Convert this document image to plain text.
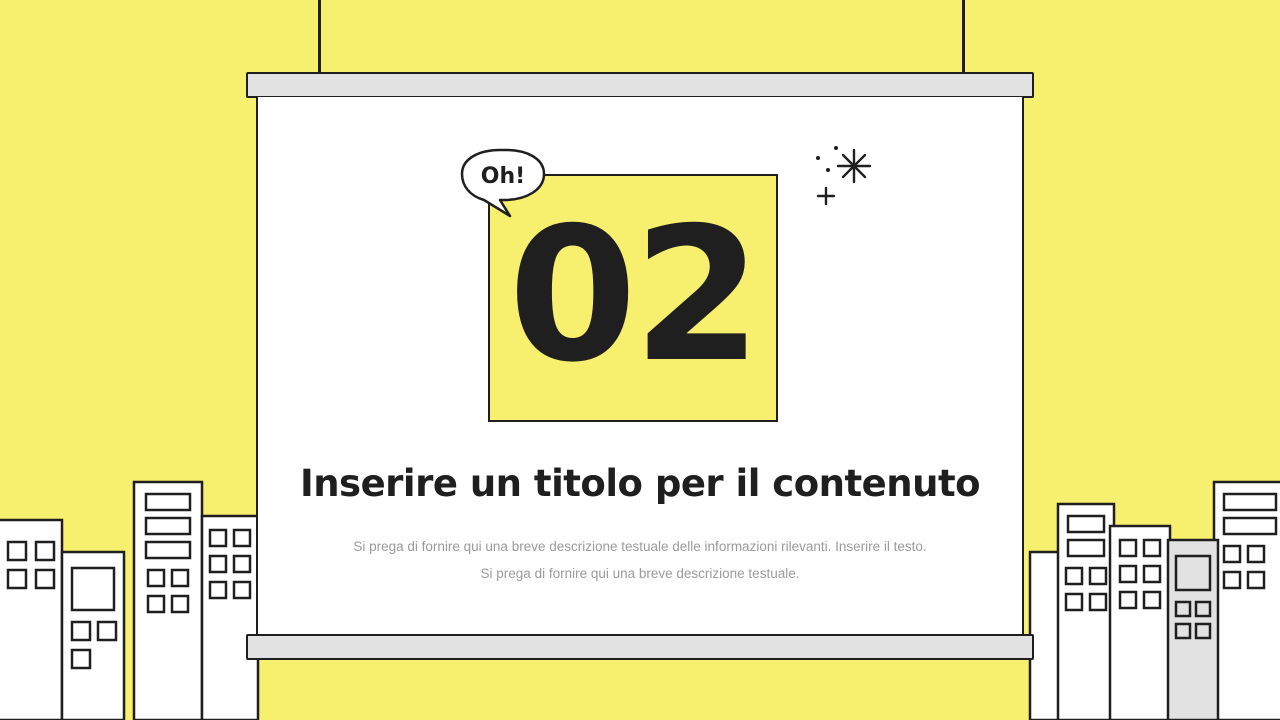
02
Oh!
Inserire un titolo per il contenuto
Si prega di fornire qui una breve descrizione testuale delle informazioni rilevanti. Inserire il testo.
Si prega di fornire qui una breve descrizione testuale.
